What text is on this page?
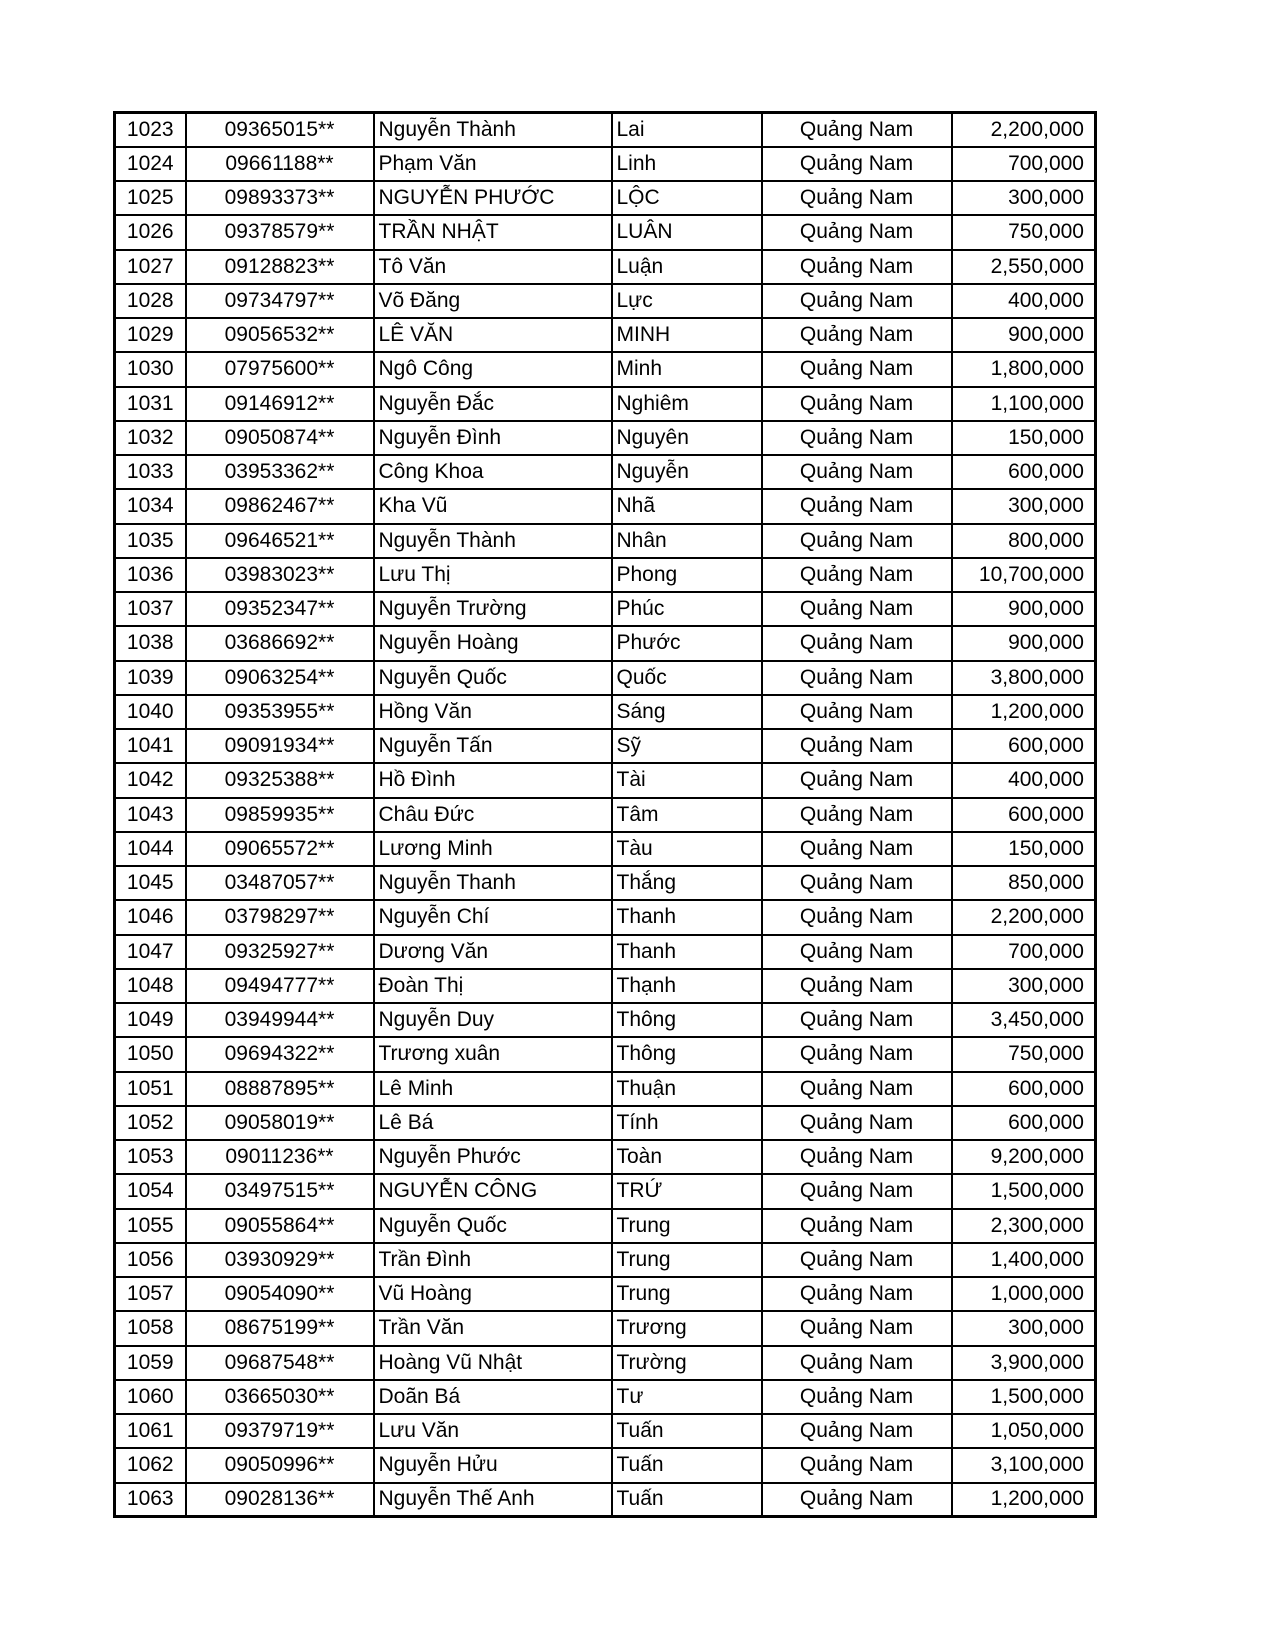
1023	09365015**	Nguyễn Thành	Lai	Quảng Nam	2,200,000
1024	09661188**	Phạm Văn	Linh	Quảng Nam	700,000
1025	09893373**	NGUYỄN PHƯỚC	LỘC	Quảng Nam	300,000
1026	09378579**	TRẦN NHẬT	LUÂN	Quảng Nam	750,000
1027	09128823**	Tô Văn	Luận	Quảng Nam	2,550,000
1028	09734797**	Võ Đăng	Lực	Quảng Nam	400,000
1029	09056532**	LÊ VĂN	MINH	Quảng Nam	900,000
1030	07975600**	Ngô Công	Minh	Quảng Nam	1,800,000
1031	09146912**	Nguyễn Đắc	Nghiêm	Quảng Nam	1,100,000
1032	09050874**	Nguyễn Đình	Nguyên	Quảng Nam	150,000
1033	03953362**	Công Khoa	Nguyễn	Quảng Nam	600,000
1034	09862467**	Kha Vũ	Nhã	Quảng Nam	300,000
1035	09646521**	Nguyễn Thành	Nhân	Quảng Nam	800,000
1036	03983023**	Lưu Thị	Phong	Quảng Nam	10,700,000
1037	09352347**	Nguyễn Trường	Phúc	Quảng Nam	900,000
1038	03686692**	Nguyễn Hoàng	Phước	Quảng Nam	900,000
1039	09063254**	Nguyễn Quốc	Quốc	Quảng Nam	3,800,000
1040	09353955**	Hồng Văn	Sáng	Quảng Nam	1,200,000
1041	09091934**	Nguyễn Tấn	Sỹ	Quảng Nam	600,000
1042	09325388**	Hồ Đình	Tài	Quảng Nam	400,000
1043	09859935**	Châu Đức	Tâm	Quảng Nam	600,000
1044	09065572**	Lương Minh	Tàu	Quảng Nam	150,000
1045	03487057**	Nguyễn Thanh	Thắng	Quảng Nam	850,000
1046	03798297**	Nguyễn Chí	Thanh	Quảng Nam	2,200,000
1047	09325927**	Dương Văn	Thanh	Quảng Nam	700,000
1048	09494777**	Đoàn Thị	Thạnh	Quảng Nam	300,000
1049	03949944**	Nguyễn Duy	Thông	Quảng Nam	3,450,000
1050	09694322**	Trương xuân	Thông	Quảng Nam	750,000
1051	08887895**	Lê Minh	Thuận	Quảng Nam	600,000
1052	09058019**	Lê Bá	Tính	Quảng Nam	600,000
1053	09011236**	Nguyễn Phước	Toàn	Quảng Nam	9,200,000
1054	03497515**	NGUYỄN CÔNG	TRỨ	Quảng Nam	1,500,000
1055	09055864**	Nguyễn Quốc	Trung	Quảng Nam	2,300,000
1056	03930929**	Trần Đình	Trung	Quảng Nam	1,400,000
1057	09054090**	Vũ Hoàng	Trung	Quảng Nam	1,000,000
1058	08675199**	Trần Văn	Trương	Quảng Nam	300,000
1059	09687548**	Hoàng Vũ Nhật	Trường	Quảng Nam	3,900,000
1060	03665030**	Doãn Bá	Tư	Quảng Nam	1,500,000
1061	09379719**	Lưu Văn	Tuấn	Quảng Nam	1,050,000
1062	09050996**	Nguyễn Hửu	Tuấn	Quảng Nam	3,100,000
1063	09028136**	Nguyễn Thế Anh	Tuấn	Quảng Nam	1,200,000
